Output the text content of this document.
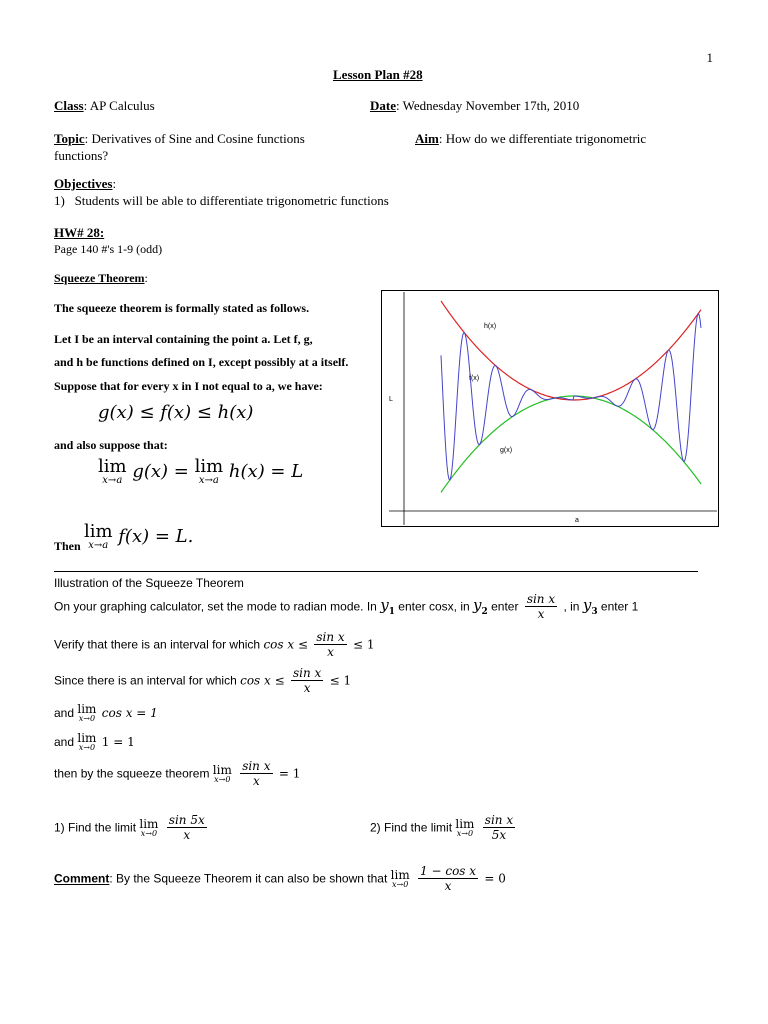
1
Lesson Plan #28
Class: AP Calculus	Date: Wednesday November 17th, 2010
Topic: Derivatives of Sine and Cosine functions	Aim: How do we differentiate trigonometric
functions?
Objectives:
1)   Students will be able to differentiate trigonometric functions
HW# 28:
Page 140 #'s 1-9 (odd)
Squeeze Theorem:
The squeeze theorem is formally stated as follows.
Let I be an interval containing the point a. Let f, g,
and h be functions defined on I, except possibly at a itself.
Suppose that for every x in I not equal to a, we have:
g(x) ≤ f(x) ≤ h(x)
and also suppose that:
lim
x→a g(x) = lim
x→a h(x) = L
Then lim
x→a f(x) = L.
h(x)
f(x)
g(x)
L
a
Illustration of the Squeeze Theorem
On your graphing calculator, set the mode to radian mode. In $y_1$ enter cosx, in $y_2$ enter $\frac{\text{sin x}}{x}$ , in $y_3$ enter 1
Verify that there is an interval for which $\cos x \le \frac{\text{sin x}}{x} \le 1$
Since there is an interval for which $\cos x \le \frac{\text{sin x}}{x} \le 1$
and lim
x→0 cos x = 1
and lim
x→0 1 = 1
then by the squeeze theorem lim
x→0
$\frac{\text{sin x}}{x} = 1$
1) Find the limit lim
x→0
$\frac{\sin 5x}{x}$	2) Find the limit lim
x→0
$\frac{\text{sin x}}{5x}$
Comment: By the Squeeze Theorem it can also be shown that lim
x→0
$\frac{\text{1 − cos x}}{x} = 0$
